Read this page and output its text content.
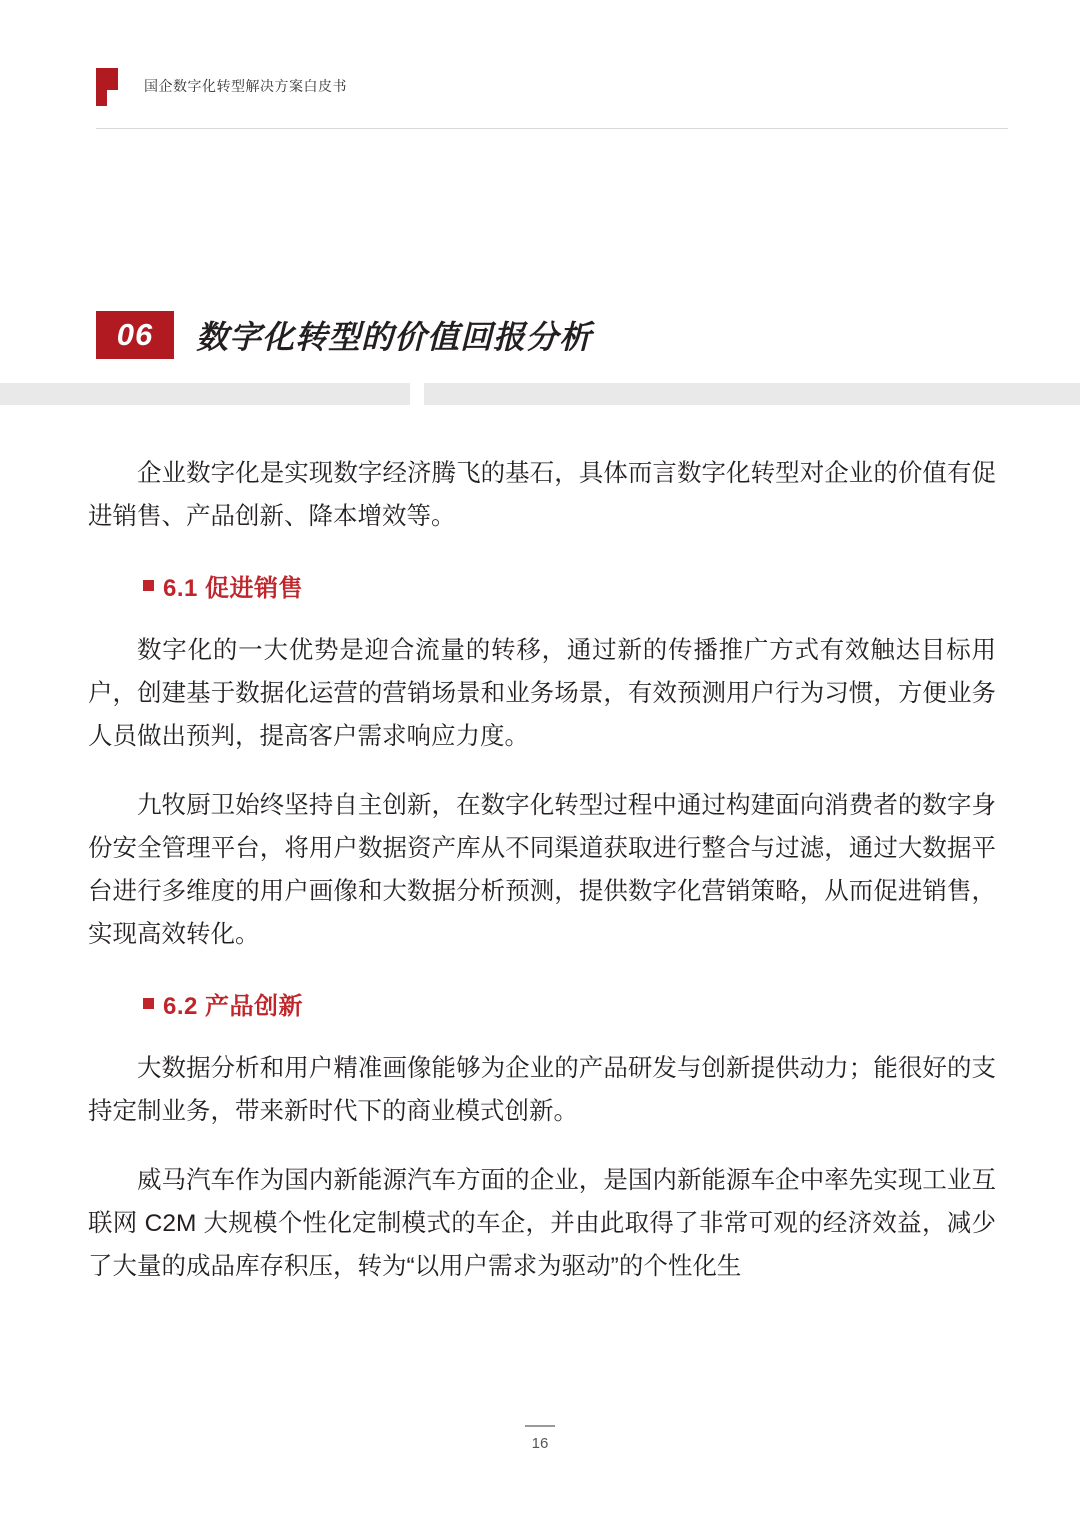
国企数字化转型解决方案白皮书
06	数字化转型的价值回报分析

企业数字化是实现数字经济腾飞的基石，具体而言数字化转型对企业的价值有促进销售、产品创新、降本增效等。

6.1 促进销售

数字化的一大优势是迎合流量的转移，通过新的传播推广方式有效触达目标用户，创建基于数据化运营的营销场景和业务场景，有效预测用户行为习惯，方便业务人员做出预判，提高客户需求响应力度。

九牧厨卫始终坚持自主创新，在数字化转型过程中通过构建面向消费者的数字身份安全管理平台，将用户数据资产库从不同渠道获取进行整合与过滤，通过大数据平台进行多维度的用户画像和大数据分析预测，提供数字化营销策略，从而促进销售，实现高效转化。

6.2 产品创新

大数据分析和用户精准画像能够为企业的产品研发与创新提供动力；能很好的支持定制业务，带来新时代下的商业模式创新。

威马汽车作为国内新能源汽车方面的企业，是国内新能源车企中率先实现工业互联网 C2M 大规模个性化定制模式的车企，并由此取得了非常可观的经济效益，减少了大量的成品库存积压，转为“以用户需求为驱动”的个性化生

16
